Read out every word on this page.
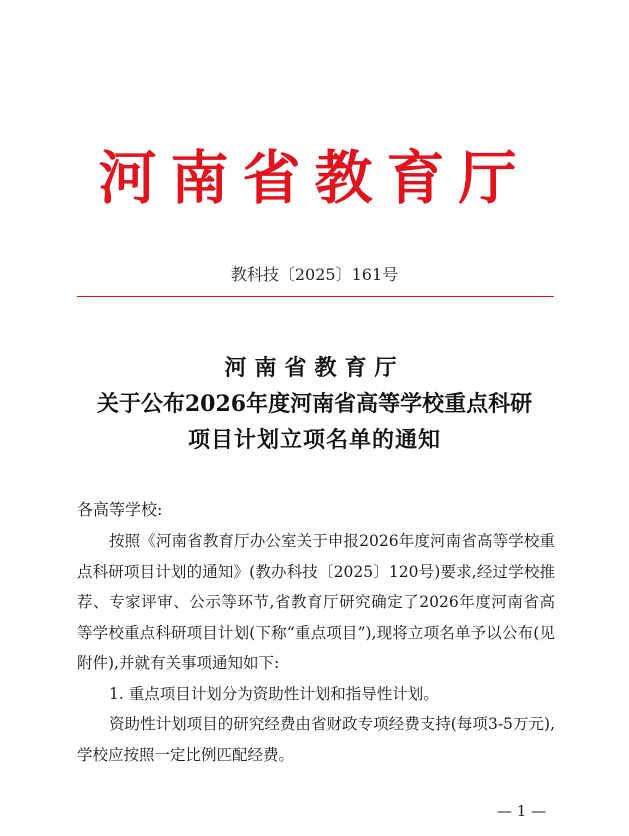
河南省教育厅
教科技〔2025〕161号
河南省教育厅
关于公布2026年度河南省高等学校重点科研
项目计划立项名单的通知
各高等学校:

按照《河南省教育厅办公室关于申报2026年度河南省高等学校重点科研项目计划的通知》(教办科技〔2025〕120号)要求,经过学校推荐、专家评审、公示等环节,省教育厅研究确定了2026年度河南省高等学校重点科研项目计划(下称“重点项目”),现将立项名单予以公布(见附件),并就有关事项通知如下:

1. 重点项目计划分为资助性计划和指导性计划。

资助性计划项目的研究经费由省财政专项经费支持(每项3-5万元),学校应按照一定比例匹配经费。

— 1 —
